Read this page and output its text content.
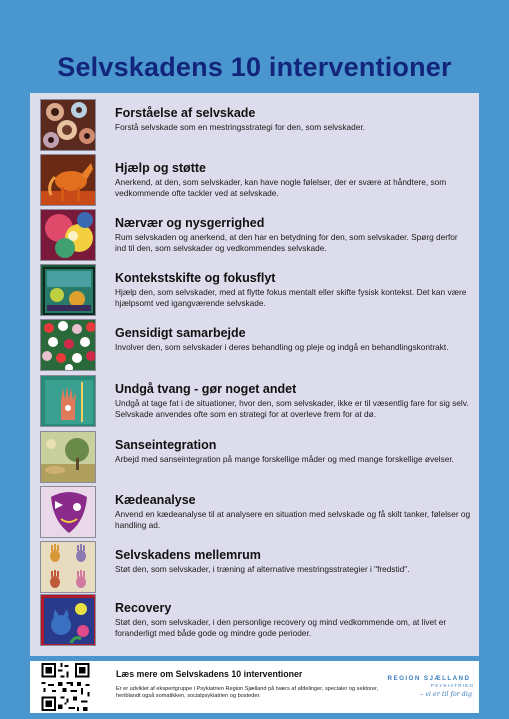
Selvskadens 10 interventioner
Forståelse af selvskade
Forstå selvskade som en mestringsstrategi for den, som selvskader.
Hjælp og støtte
Anerkend, at den, som selvskader, kan have nogle følelser, der er svære at håndtere, som vedkommende ofte tackler ved at selvskade.
Nærvær og nysgerrighed
Rum selvskaden og anerkend, at den har en betydning for den, som selvskader. Spørg derfor ind til den, som selvskader og vedkommendes selvskade.
Kontekstskifte og fokusflyt
Hjælp den, som selvskader, med at flytte fokus mentalt eller skifte fysisk kontekst. Det kan være hjælpsomt ved igangværende selvskade.
Gensidigt samarbejde
Involver den, som selvskader i deres behandling og pleje og indgå en behandlingskontrakt.
Undgå tvang - gør noget andet
Undgå at tage fat i de situationer, hvor den, som selvskader, ikke er til væsentlig fare for sig selv. Selvskade anvendes ofte som en strategi for at overleve frem for at dø.
Sanseintegration
Arbejd med sanseintegration på mange forskellige måder og med mange forskellige øvelser.
Kædeanalyse
Anvend en kædeanalyse til at analysere en situation med selvskade og få skilt tanker, følelser og handling ad.
Selvskadens mellemrum
Støt den, som selvskader, i træning af alternative mestringsstrategier i "fredstid".
Recovery
Støt den, som selvskader, i den personlige recovery og mind vedkommende om, at livet er foranderligt med både gode og mindre gode perioder.
Læs mere om Selvskadens 10 interventioner
Er er udviklet af ekspertgruppe i Psykiatrien Region Sjælland på tværs af afdelinger, specialer og sektorer, heriblandt også somatikken, socialpsykiatrien og bosteder.
REGION SJÆLLAND
PSYKIATRIEN
– vi er til for dig
